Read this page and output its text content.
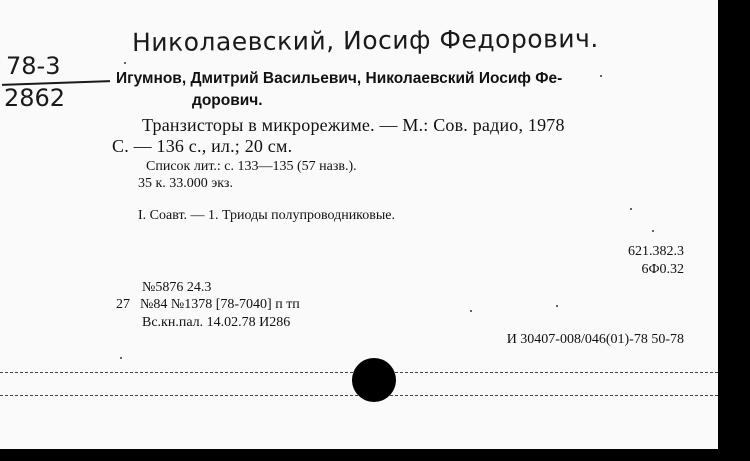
Николаевский, Иосиф Федорович.
78-3
2862
Игумнов, Дмитрий Васильевич, Николаевский Иосиф Фе-
дорович.
Транзисторы в микрорежиме. — М.: Сов. радио, 1978
С. — 136 с., ил.; 20 см.
Список лит.: с. 133—135 (57 назв.).
35 к. 33.000 экз.
I. Соавт. — 1. Триоды полупроводниковые.
621.382.3
6Ф0.32
№5876 24.3
27 №84 №1378 [78-7040] п тп
Вс.кн.пал. 14.02.78 И286
И 30407-008/046(01)-78 50-78
